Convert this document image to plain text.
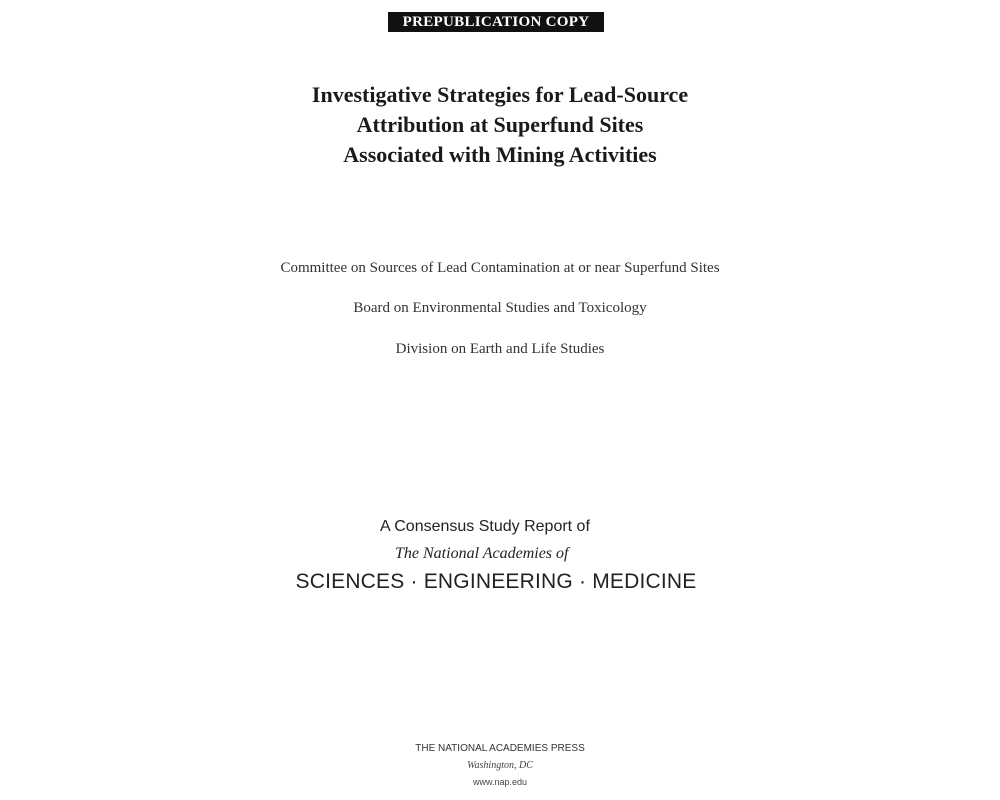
PREPUBLICATION COPY
Investigative Strategies for Lead-Source
Attribution at Superfund Sites
Associated with Mining Activities
Committee on Sources of Lead Contamination at or near Superfund Sites
Board on Environmental Studies and Toxicology
Division on Earth and Life Studies
A Consensus Study Report of
The National Academies of
SCIENCES · ENGINEERING · MEDICINE
THE NATIONAL ACADEMIES PRESS
Washington, DC
www.nap.edu
